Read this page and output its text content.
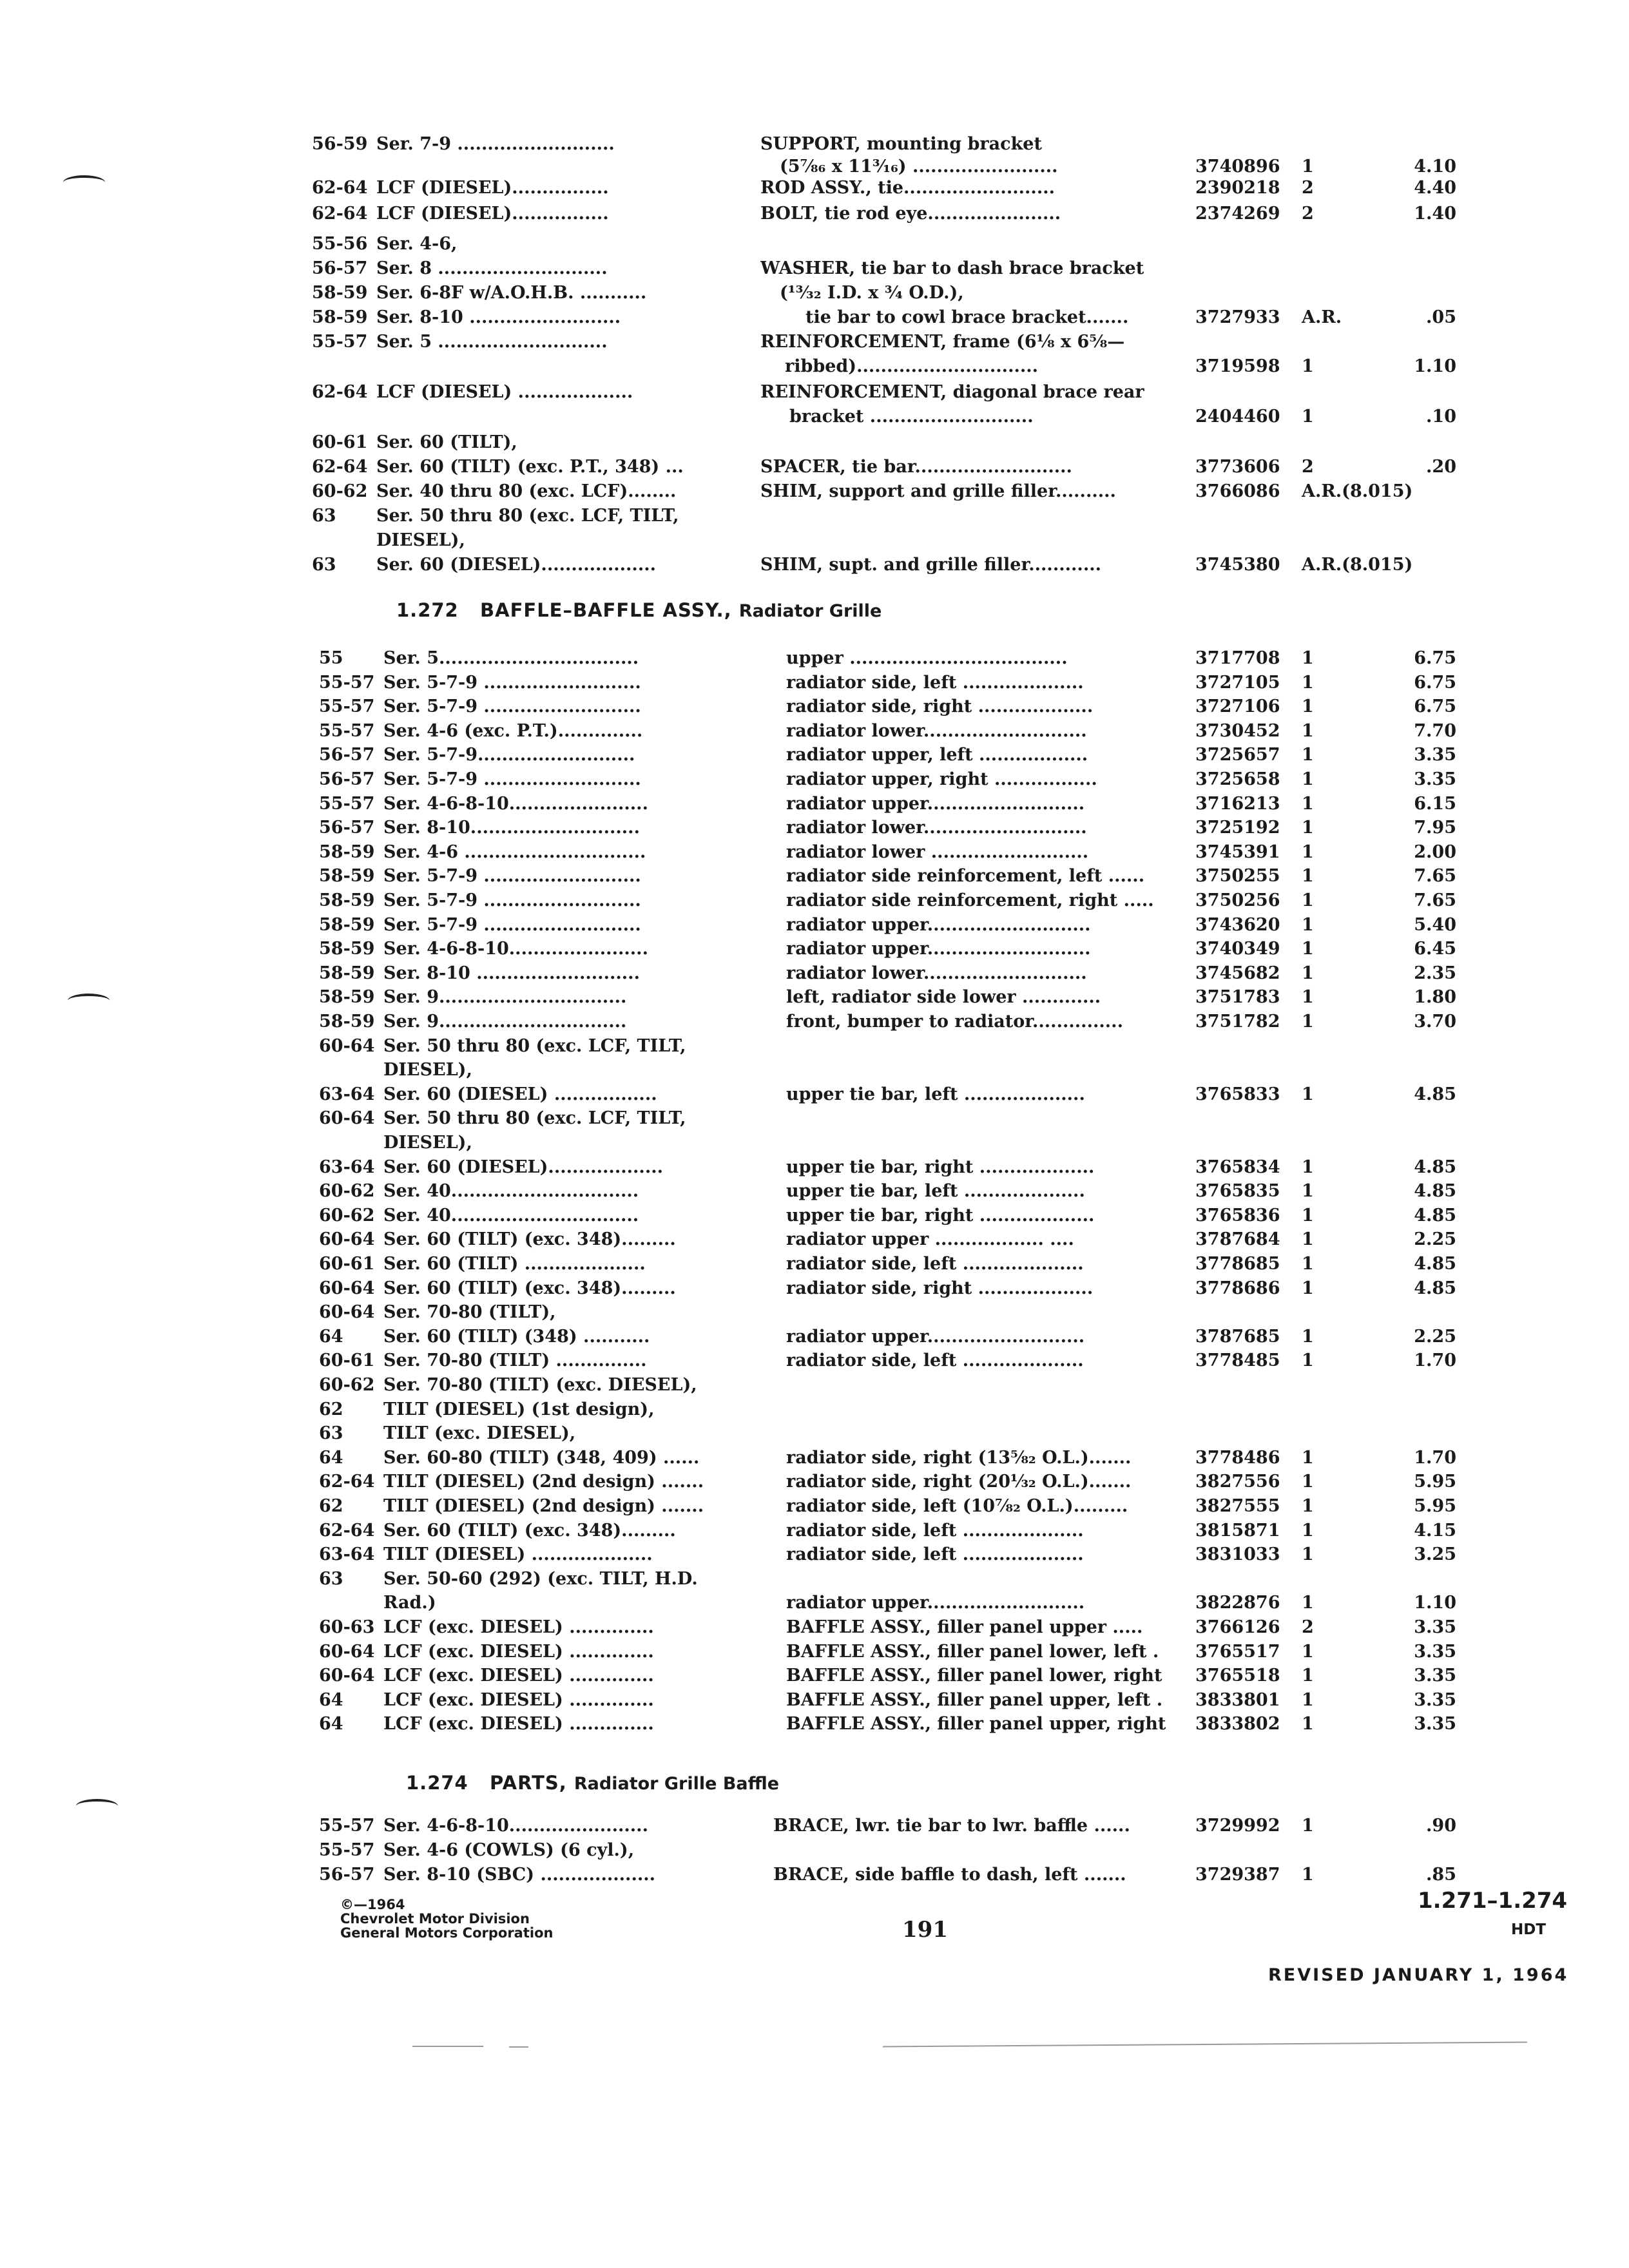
56-59 Ser. 7-9 ..........................	SUPPORT, mounting bracket
(5⅞₆ x 11³⁄₁₆) ........................	3740896	1	4.10
62-64 LCF (DIESEL)................	ROD ASSY., tie.........................	2390218	2	4.40
62-64 LCF (DIESEL)................	BOLT, tie rod eye......................	2374269	2	1.40
55-56 Ser. 4-6,
56-57 Ser. 8 ............................	WASHER, tie bar to dash brace bracket
58-59 Ser. 6-8F w/A.O.H.B. ...........	(¹³⁄₃₂ I.D. x ¾ O.D.),
58-59 Ser. 8-10 .........................	tie bar to cowl brace bracket.......	3727933	A.R.	.05
55-57 Ser. 5 ............................	REINFORCEMENT, frame (6⅛ x 6⅝—
ribbed)..............................	3719598	1	1.10
62-64 LCF (DIESEL) ...................	REINFORCEMENT, diagonal brace rear
bracket ...........................	2404460	1	.10
60-61 Ser. 60 (TILT),
62-64 Ser. 60 (TILT) (exc. P.T., 348) ...	SPACER, tie bar..........................	3773606	2	.20
60-62 Ser. 40 thru 80 (exc. LCF)........	SHIM, support and grille filler..........	3766086	A.R.(8.015)
63	Ser. 50 thru 80 (exc. LCF, TILT,
DIESEL),
63	Ser. 60 (DIESEL)...................	SHIM, supt. and grille filler............	3745380	A.R.(8.015)
1.272 BAFFLE–BAFFLE ASSY., Radiator Grille
55	Ser. 5.................................	upper ....................................	3717708	1	6.75
55-57 Ser. 5-7-9 ..........................	radiator side, left ....................	3727105	1	6.75
55-57 Ser. 5-7-9 ..........................	radiator side, right ...................	3727106	1	6.75
55-57 Ser. 4-6 (exc. P.T.)..............	radiator lower...........................	3730452	1	7.70
56-57 Ser. 5-7-9..........................	radiator upper, left ..................	3725657	1	3.35
56-57 Ser. 5-7-9 ..........................	radiator upper, right .................	3725658	1	3.35
55-57 Ser. 4-6-8-10.......................	radiator upper..........................	3716213	1	6.15
56-57 Ser. 8-10............................	radiator lower...........................	3725192	1	7.95
58-59 Ser. 4-6 ..............................	radiator lower ..........................	3745391	1	2.00
58-59 Ser. 5-7-9 ..........................	radiator side reinforcement, left ......	3750255	1	7.65
58-59 Ser. 5-7-9 ..........................	radiator side reinforcement, right .....	3750256	1	7.65
58-59 Ser. 5-7-9 ..........................	radiator upper...........................	3743620	1	5.40
58-59 Ser. 4-6-8-10.......................	radiator upper...........................	3740349	1	6.45
58-59 Ser. 8-10 ...........................	radiator lower...........................	3745682	1	2.35
58-59 Ser. 9...............................	left, radiator side lower .............	3751783	1	1.80
58-59 Ser. 9...............................	front, bumper to radiator...............	3751782	1	3.70
60-64 Ser. 50 thru 80 (exc. LCF, TILT,
DIESEL),
63-64 Ser. 60 (DIESEL) .................	upper tie bar, left ....................	3765833	1	4.85
60-64 Ser. 50 thru 80 (exc. LCF, TILT,
DIESEL),
63-64 Ser. 60 (DIESEL)...................	upper tie bar, right ...................	3765834	1	4.85
60-62 Ser. 40...............................	upper tie bar, left ....................	3765835	1	4.85
60-62 Ser. 40...............................	upper tie bar, right ...................	3765836	1	4.85
60-64 Ser. 60 (TILT) (exc. 348).........	radiator upper .................. ....	3787684	1	2.25
60-61 Ser. 60 (TILT) ....................	radiator side, left ....................	3778685	1	4.85
60-64 Ser. 60 (TILT) (exc. 348).........	radiator side, right ...................	3778686	1	4.85
60-64 Ser. 70-80 (TILT),
64	Ser. 60 (TILT) (348) ...........	radiator upper..........................	3787685	1	2.25
60-61 Ser. 70-80 (TILT) ...............	radiator side, left ....................	3778485	1	1.70
60-62 Ser. 70-80 (TILT) (exc. DIESEL),
62	TILT (DIESEL) (1st design),
63	TILT (exc. DIESEL),
64	Ser. 60-80 (TILT) (348, 409) ......	radiator side, right (13⅝₂ O.L.).......	3778486	1	1.70
62-64 TILT (DIESEL) (2nd design) .......	radiator side, right (20⅓₂ O.L.).......	3827556	1	5.95
62	TILT (DIESEL) (2nd design) .......	radiator side, left (10⅞₂ O.L.).........	3827555	1	5.95
62-64 Ser. 60 (TILT) (exc. 348).........	radiator side, left ....................	3815871	1	4.15
63-64 TILT (DIESEL) ....................	radiator side, left ....................	3831033	1	3.25
63	Ser. 50-60 (292) (exc. TILT, H.D.
Rad.)	radiator upper..........................	3822876	1	1.10
60-63 LCF (exc. DIESEL) ..............	BAFFLE ASSY., filler panel upper .....	3766126	2	3.35
60-64 LCF (exc. DIESEL) ..............	BAFFLE ASSY., filler panel lower, left .	3765517	1	3.35
60-64 LCF (exc. DIESEL) ..............	BAFFLE ASSY., filler panel lower, right	3765518	1	3.35
64	LCF (exc. DIESEL) ..............	BAFFLE ASSY., filler panel upper, left .	3833801	1	3.35
64	LCF (exc. DIESEL) ..............	BAFFLE ASSY., filler panel upper, right	3833802	1	3.35
1.274 PARTS, Radiator Grille Baffle
55-57 Ser. 4-6-8-10.......................	BRACE, lwr. tie bar to lwr. baffle ......	3729992	1	.90
55-57 Ser. 4-6 (COWLS) (6 cyl.),
56-57 Ser. 8-10 (SBC) ...................	BRACE, side baffle to dash, left .......	3729387	1	.85
©—1964
Chevrolet Motor Division
General Motors Corporation	191
1.271–1.274
HDT
REVISED JANUARY 1, 1964
